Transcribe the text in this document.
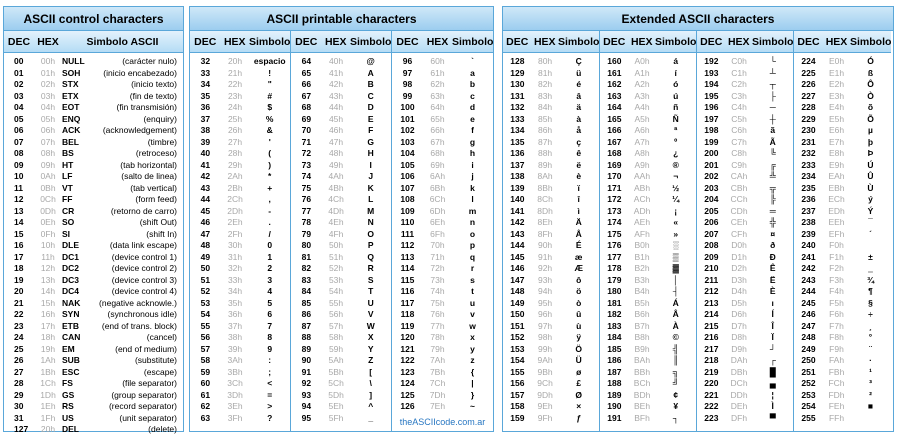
ASCII control characters
DEC HEX	Simbolo ASCII
00	00h NULL	(carácter nulo)
01	01h SOH	(inicio encabezado)
02	02h STX	(inicio texto)
03	03h ETX	(fin de texto)
04	04h EOT	(fin transmisión)
05	05h ENQ	(enquiry)
06	06h ACK	(acknowledgement)
07	07h BEL	(timbre)
08	08h BS	(retroceso)
09	09h HT	(tab horizontal)
10	0Ah LF	(salto de linea)
11	0Bh VT	(tab vertical)
12	0Ch FF	(form feed)
13	0Dh CR	(retorno de carro)
14	0Eh SO	(shift Out)
15	0Fh SI	(shift In)
16	10h DLE	(data link escape)
17	11h DC1	(device control 1)
18	12h DC2	(device control 2)
19	13h DC3	(device control 3)
20	14h DC4	(device control 4)
21	15h NAK	(negative acknowle.)
22	16h SYN	(synchronous idle)
23	17h ETB	(end of trans. block)
24	18h CAN	(cancel)
25	19h EM	(end of medium)
26	1Ah SUB	(substitute)
27	1Bh ESC	(escape)
28	1Ch FS	(file separator)
29	1Dh GS	(group separator)
30	1Eh RS	(record separator)
31	1Fh US	(unit separator)
127	20h DEL	(delete)
ASCII printable characters
DEC HEX Simbolo
32	20h	espacio
33	21h	!
34	22h	"
35	23h	#
36	24h	$
37	25h	%
38	26h	&
39	27h	'
40	28h	(
41	29h	)
42	2Ah	*
43	2Bh	+
44	2Ch	,
45	2Dh	-
46	2Eh	.
47	2Fh	/
48	30h	0
49	31h	1
50	32h	2
51	33h	3
52	34h	4
53	35h	5
54	36h	6
55	37h	7
56	38h	8
57	39h	9
58	3Ah	:
59	3Bh	;
60	3Ch	<
61	3Dh	=
62	3Eh	>
63	3Fh	?
DEC HEX Simbolo
64	40h	@
65	41h	A
66	42h	B
67	43h	C
68	44h	D
69	45h	E
70	46h	F
71	47h	G
72	48h	H
73	49h	I
74	4Ah	J
75	4Bh	K
76	4Ch	L
77	4Dh	M
78	4Eh	N
79	4Fh	O
80	50h	P
81	51h	Q
82	52h	R
83	53h	S
84	54h	T
85	55h	U
86	56h	V
87	57h	W
88	58h	X
89	59h	Y
90	5Ah	Z
91	5Bh	[
92	5Ch	\
93	5Dh	]
94	5Eh	^
95	5Fh	_
DEC HEX Simbolo
96	60h	`
97	61h	a
98	62h	b
99	63h	c
100	64h	d
101	65h	e
102	66h	f
103	67h	g
104	68h	h
105	69h	i
106	6Ah	j
107	6Bh	k
108	6Ch	l
109	6Dh	m
110	6Eh	n
111	6Fh	o
112	70h	p
113	71h	q
114	72h	r
115	73h	s
116	74h	t
117	75h	u
118	76h	v
119	77h	w
120	78h	x
121	79h	y
122	7Ah	z
123	7Bh	{
124	7Ch	|
125	7Dh	}
126	7Eh	~
theASCIIcode.com.ar
Extended ASCII characters
DEC HEX Simbolo
128	80h	Ç
129	81h	ü
130	82h	é
131	83h	â
132	84h	ä
133	85h	à
134	86h	å
135	87h	ç
136	88h	ê
137	89h	ë
138	8Ah	è
139	8Bh	ï
140	8Ch	î
141	8Dh	ì
142	8Eh	Ä
143	8Fh	Å
144	90h	É
145	91h	æ
146	92h	Æ
147	93h	ô
148	94h	ö
149	95h	ò
150	96h	û
151	97h	ù
152	98h	ÿ
153	99h	Ö
154	9Ah	Ü
155	9Bh	ø
156	9Ch	£
157	9Dh	Ø
158	9Eh	×
159	9Fh	ƒ
DEC HEX Simbolo
160	A0h	á
161	A1h	í
162	A2h	ó
163	A3h	ú
164	A4h	ñ
165	A5h	Ñ
166	A6h	ª
167	A7h	º
168	A8h	¿
169	A9h	®
170	AAh	¬
171	ABh	½
172	ACh	¼
173	ADh	¡
174	AEh	«
175	AFh	»
176	B0h	░
177	B1h	▒
178	B2h	▓
179	B3h	│
180	B4h	┤
181	B5h	Á
182	B6h	Â
183	B7h	À
184	B8h	©
185	B9h	╣
186	BAh	║
187	BBh	╗
188	BCh	╝
189	BDh	¢
190	BEh	¥
191	BFh	┐
DEC HEX Simbolo
192	C0h	└
193	C1h	┴
194	C2h	┬
195	C3h	├
196	C4h	─
197	C5h	┼
198	C6h	ã
199	C7h	Ã
200	C8h	╚
201	C9h	╔
202	CAh	╩
203	CBh	╦
204	CCh	╠
205	CDh	═
206	CEh	╬
207	CFh	¤
208	D0h	ð
209	D1h	Ð
210	D2h	Ê
211	D3h	Ë
212	D4h	È
213	D5h	ı
214	D6h	Í
215	D7h	Î
216	D8h	Ï
217	D9h	┘
218	DAh	┌
219	DBh	█
220	DCh	▄
221	DDh	¦
222	DEh	Ì
223	DFh	▀
DEC HEX Simbolo
224	E0h	Ó
225	E1h	ß
226	E2h	Ô
227	E3h	Ò
228	E4h	õ
229	E5h	Õ
230	E6h	µ
231	E7h	þ
232	E8h	Þ
233	E9h	Ú
234	EAh	Û
235	EBh	Ù
236	ECh	ý
237	EDh	Ý
238	EEh	¯
239	EFh	´
240	F0h
241	F1h	±
242	F2h	‗
243	F3h	¾
244	F4h	¶
245	F5h	§
246	F6h	÷
247	F7h	¸
248	F8h	°
249	F9h	¨
250	FAh	·
251	FBh	¹
252	FCh	³
253	FDh	²
254	FEh	■
255	FFh
